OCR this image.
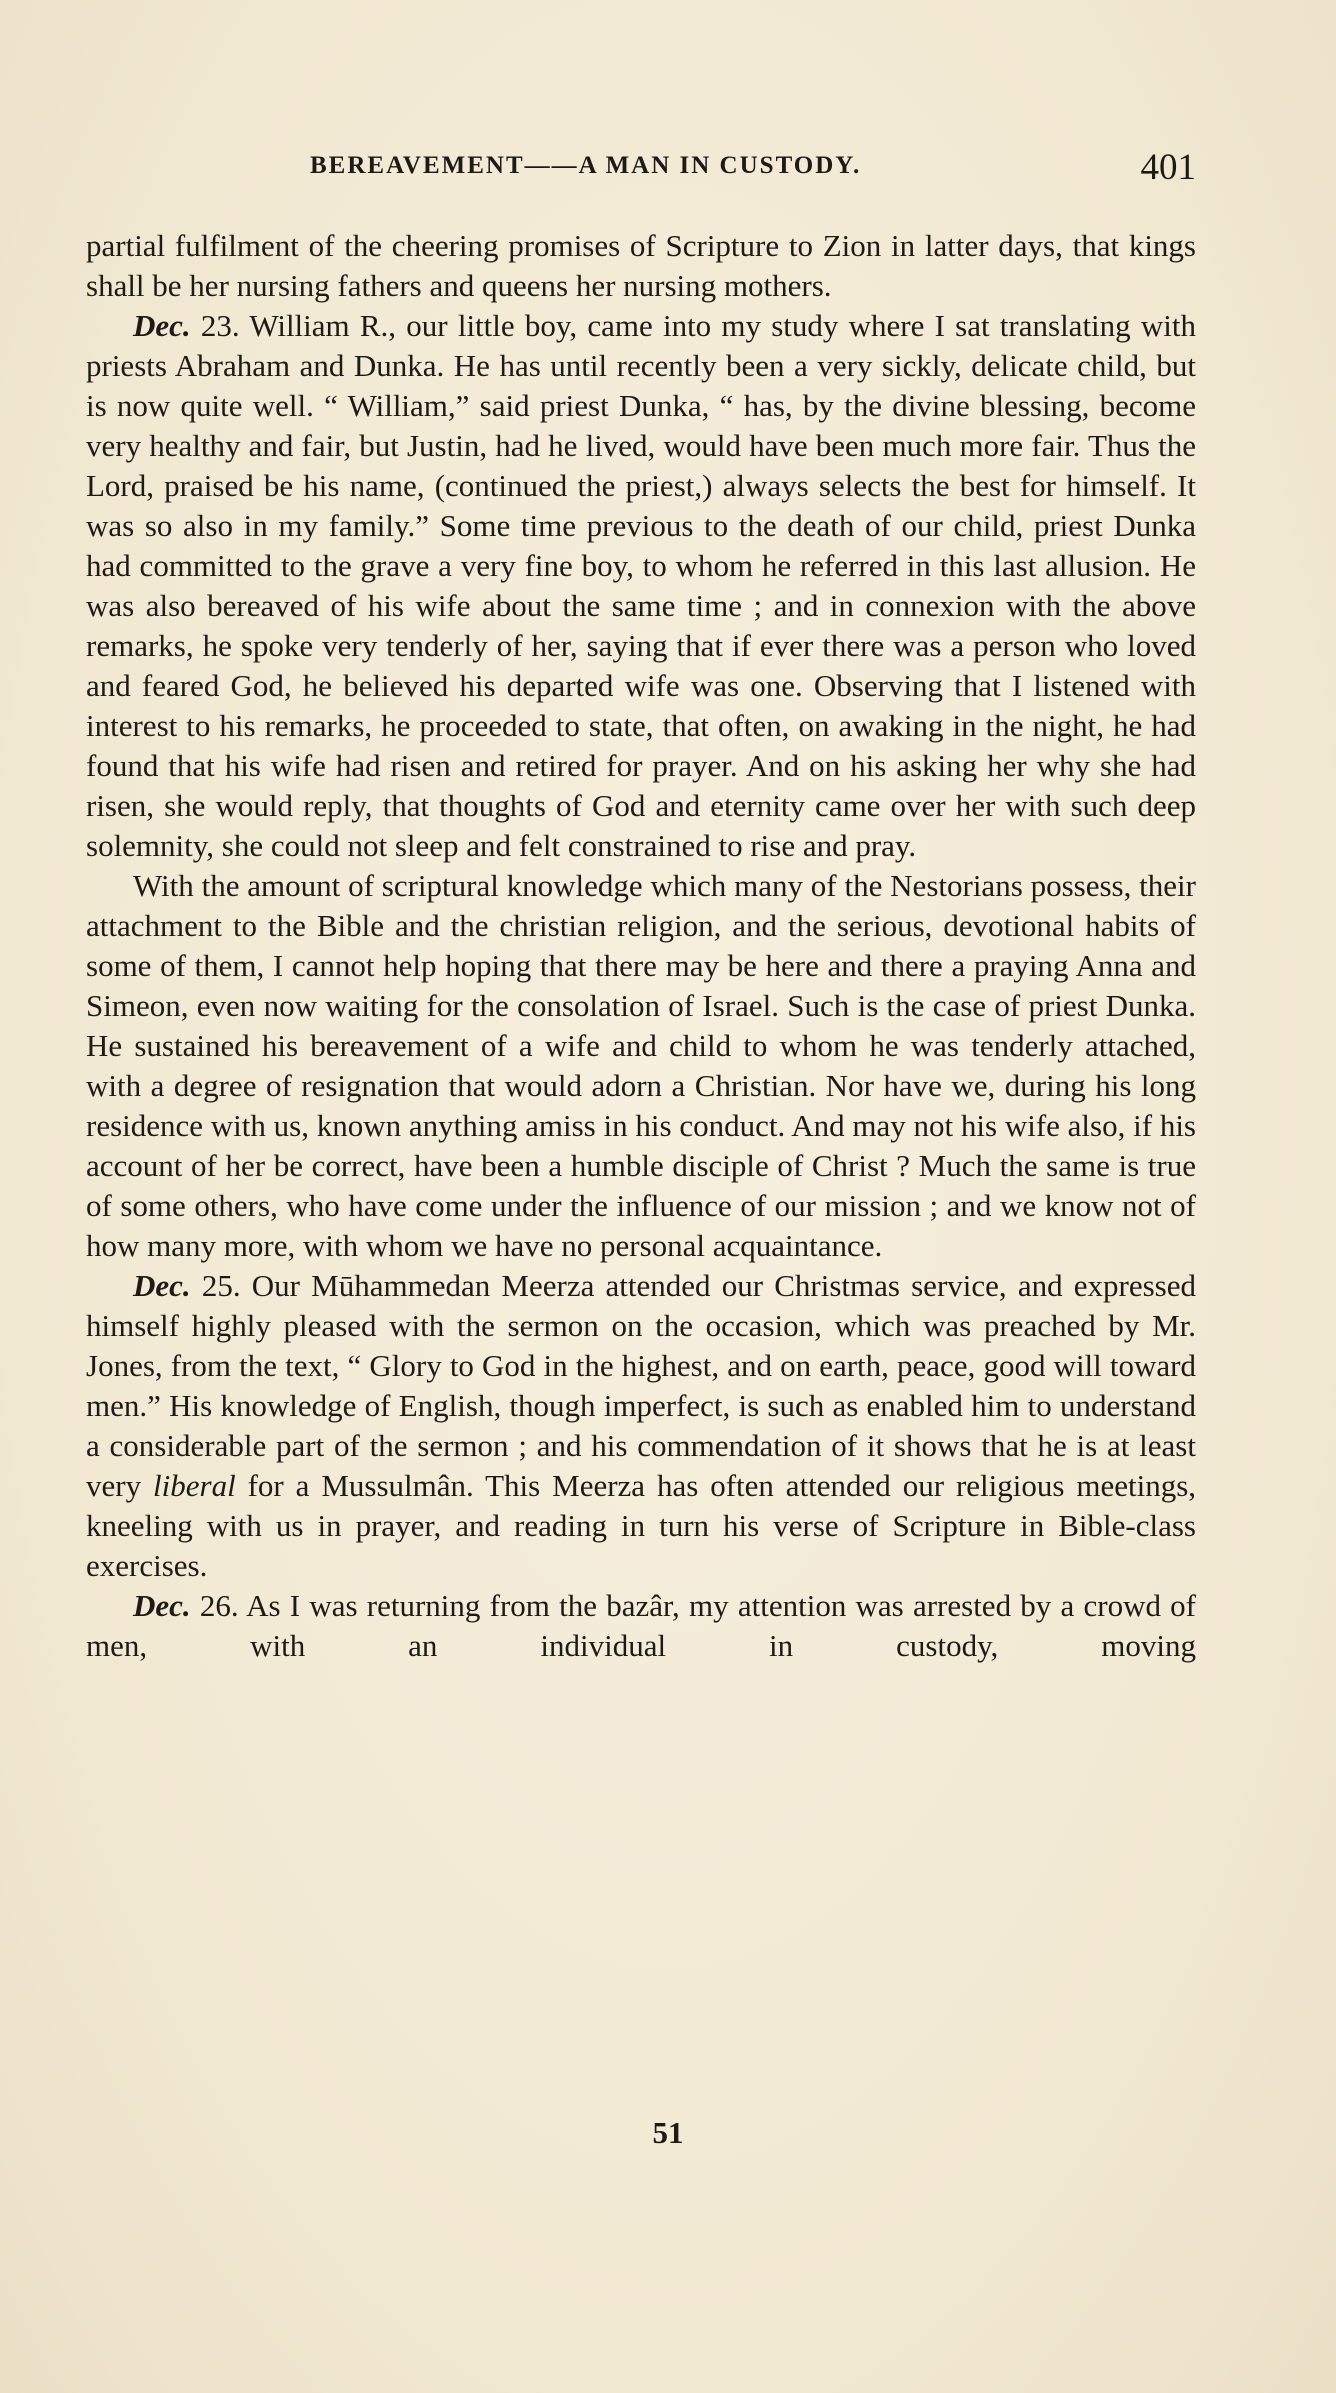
BEREAVEMENT——A MAN IN CUSTODY.	401

partial fulfilment of the cheering promises of Scripture to Zion in latter days, that kings shall be her nursing fathers and queens her nursing mothers.

Dec. 23. William R., our little boy, came into my study where I sat translating with priests Abraham and Dunka. He has until recently been a very sickly, delicate child, but is now quite well. “ William,” said priest Dunka, “ has, by the divine blessing, become very healthy and fair, but Justin, had he lived, would have been much more fair. Thus the Lord, praised be his name, (continued the priest,) always selects the best for himself. It was so also in my family.” Some time previous to the death of our child, priest Dunka had committed to the grave a very fine boy, to whom he referred in this last allusion. He was also bereaved of his wife about the same time ; and in connexion with the above remarks, he spoke very tenderly of her, saying that if ever there was a person who loved and feared God, he believed his departed wife was one. Observing that I listened with interest to his remarks, he proceeded to state, that often, on awaking in the night, he had found that his wife had risen and retired for prayer. And on his asking her why she had risen, she would reply, that thoughts of God and eternity came over her with such deep solemnity, she could not sleep and felt constrained to rise and pray.

With the amount of scriptural knowledge which many of the Nestorians possess, their attachment to the Bible and the christian religion, and the serious, devotional habits of some of them, I cannot help hoping that there may be here and there a praying Anna and Simeon, even now waiting for the consolation of Israel. Such is the case of priest Dunka. He sustained his bereavement of a wife and child to whom he was tenderly attached, with a degree of resignation that would adorn a Christian. Nor have we, during his long residence with us, known anything amiss in his conduct. And may not his wife also, if his account of her be correct, have been a humble disciple of Christ ? Much the same is true of some others, who have come under the influence of our mission ; and we know not of how many more, with whom we have no personal acquaintance.

Dec. 25. Our Mūhammedan Meerza attended our Christmas service, and expressed himself highly pleased with the sermon on the occasion, which was preached by Mr. Jones, from the text, “ Glory to God in the highest, and on earth, peace, good will toward men.” His knowledge of English, though imperfect, is such as enabled him to understand a considerable part of the sermon ; and his commendation of it shows that he is at least very liberal for a Mussulmân. This Meerza has often attended our religious meetings, kneeling with us in prayer, and reading in turn his verse of Scripture in Bible-class exercises.

Dec. 26. As I was returning from the bazâr, my attention was arrested by a crowd of men, with an individual in custody, moving

51
